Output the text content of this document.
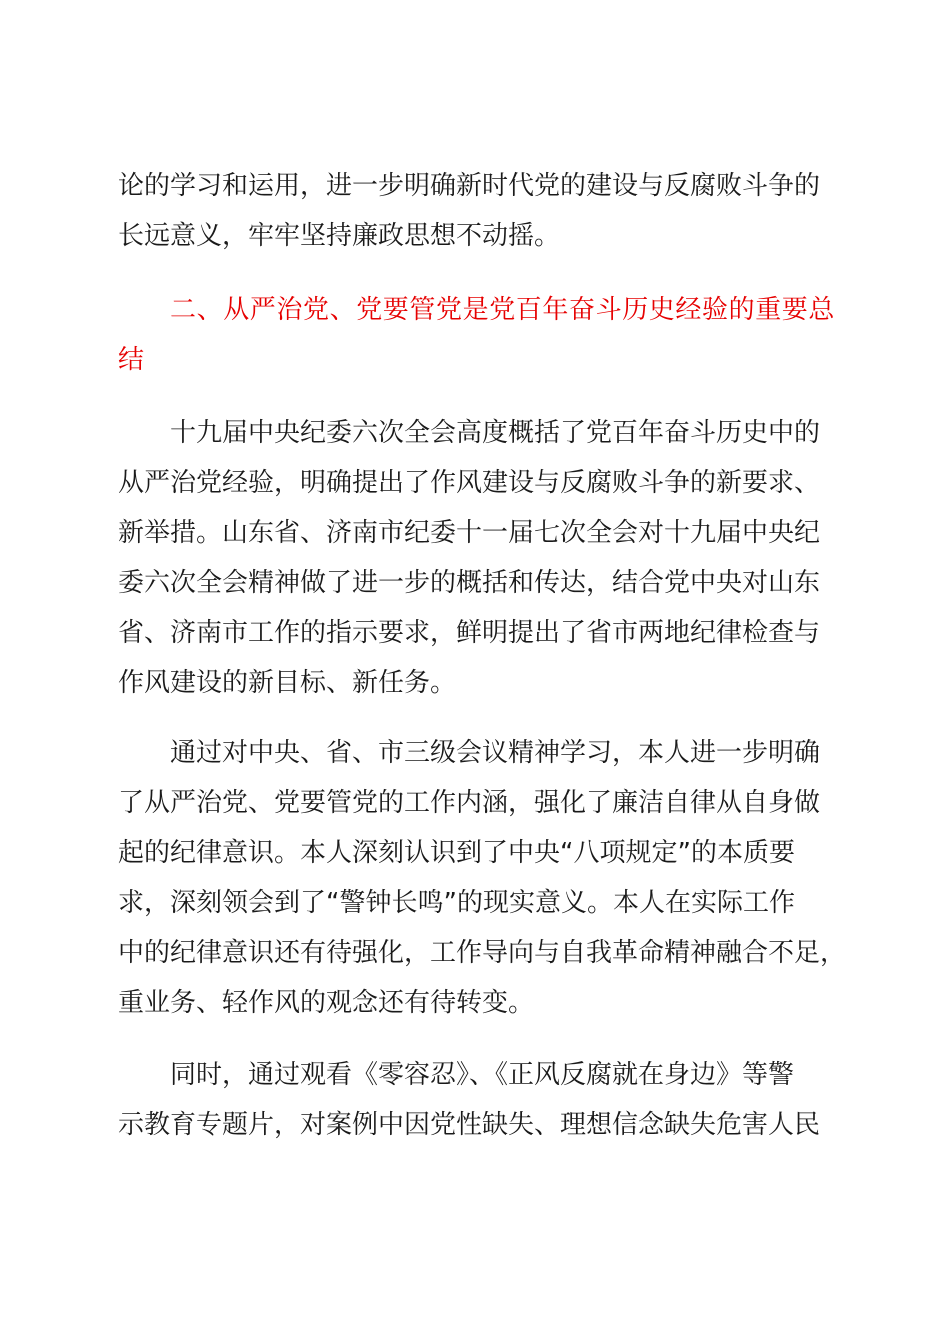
论的学习和运用，进一步明确新时代党的建设与反腐败斗争的
长远意义，牢牢坚持廉政思想不动摇。

二、从严治党、党要管党是党百年奋斗历史经验的重要总
结

十九届中央纪委六次全会高度概括了党百年奋斗历史中的
从严治党经验，明确提出了作风建设与反腐败斗争的新要求、
新举措。山东省、济南市纪委十一届七次全会对十九届中央纪
委六次全会精神做了进一步的概括和传达，结合党中央对山东
省、济南市工作的指示要求，鲜明提出了省市两地纪律检查与
作风建设的新目标、新任务。

通过对中央、省、市三级会议精神学习，本人进一步明确
了从严治党、党要管党的工作内涵，强化了廉洁自律从自身做
起的纪律意识。本人深刻认识到了中央“八项规定”的本质要
求，深刻领会到了“警钟长鸣”的现实意义。本人在实际工作
中的纪律意识还有待强化，工作导向与自我革命精神融合不足，
重业务、轻作风的观念还有待转变。

同时，通过观看《零容忍》、《正风反腐就在身边》等警
示教育专题片，对案例中因党性缺失、理想信念缺失危害人民
